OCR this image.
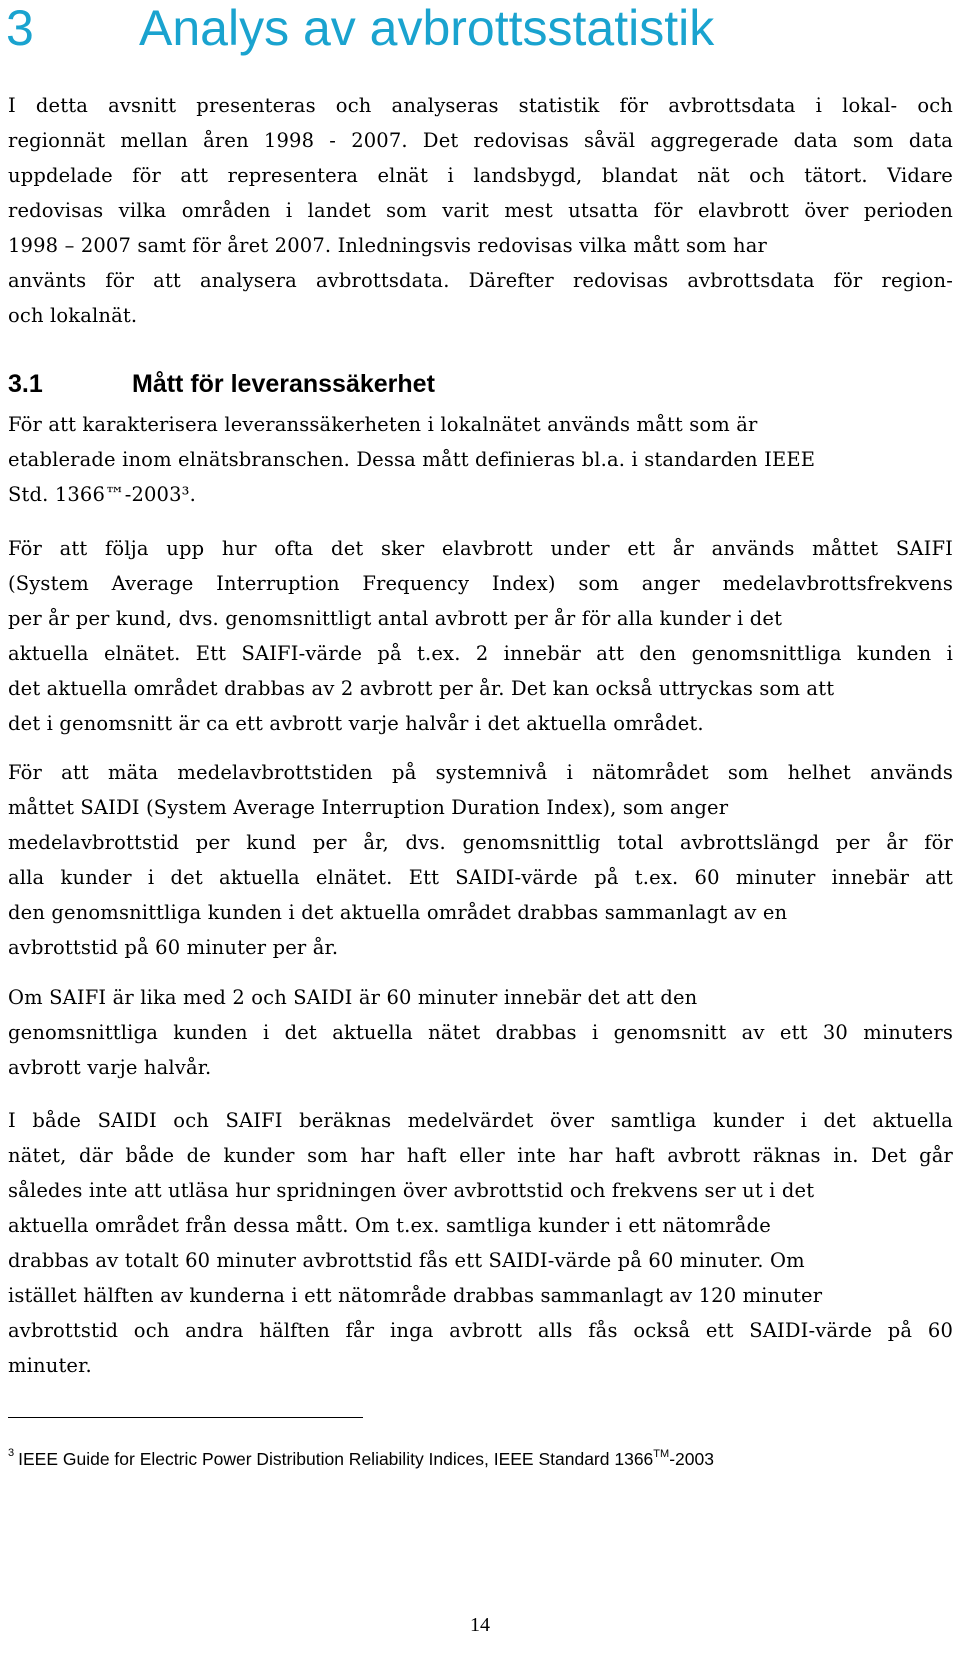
3 Analys av avbrottsstatistik
I detta avsnitt presenteras och analyseras statistik för avbrottsdata i lokal- och
regionnät mellan åren 1998 - 2007. Det redovisas såväl aggregerade data som data
uppdelade för att representera elnät i landsbygd, blandat nät och tätort. Vidare
redovisas vilka områden i landet som varit mest utsatta för elavbrott över perioden
1998 – 2007 samt för året 2007. Inledningsvis redovisas vilka mått som har
använts för att analysera avbrottsdata. Därefter redovisas avbrottsdata för region-
och lokalnät.
3.1	Mått för leveranssäkerhet
För att karakterisera leveranssäkerheten i lokalnätet används mått som är
etablerade inom elnätsbranschen. Dessa mått definieras bl.a. i standarden IEEE
Std. 1366™-2003³.
För att följa upp hur ofta det sker elavbrott under ett år används måttet SAIFI
(System Average Interruption Frequency Index) som anger medelavbrottsfrekvens
per år per kund, dvs. genomsnittligt antal avbrott per år för alla kunder i det
aktuella elnätet. Ett SAIFI-värde på t.ex. 2 innebär att den genomsnittliga kunden i
det aktuella området drabbas av 2 avbrott per år. Det kan också uttryckas som att
det i genomsnitt är ca ett avbrott varje halvår i det aktuella området.
För att mäta medelavbrottstiden på systemnivå i nätområdet som helhet används
måttet SAIDI (System Average Interruption Duration Index), som anger
medelavbrottstid per kund per år, dvs. genomsnittlig total avbrottslängd per år för
alla kunder i det aktuella elnätet. Ett SAIDI-värde på t.ex. 60 minuter innebär att
den genomsnittliga kunden i det aktuella området drabbas sammanlagt av en
avbrottstid på 60 minuter per år.
Om SAIFI är lika med 2 och SAIDI är 60 minuter innebär det att den
genomsnittliga kunden i det aktuella nätet drabbas i genomsnitt av ett 30 minuters
avbrott varje halvår.
I både SAIDI och SAIFI beräknas medelvärdet över samtliga kunder i det aktuella
nätet, där både de kunder som har haft eller inte har haft avbrott räknas in. Det går
således inte att utläsa hur spridningen över avbrottstid och frekvens ser ut i det
aktuella området från dessa mått. Om t.ex. samtliga kunder i ett nätområde
drabbas av totalt 60 minuter avbrottstid fås ett SAIDI-värde på 60 minuter. Om
istället hälften av kunderna i ett nätområde drabbas sammanlagt av 120 minuter
avbrottstid och andra hälften får inga avbrott alls fås också ett SAIDI-värde på 60
minuter.
$^3$ IEEE Guide for Electric Power Distribution Reliability Indices, IEEE Standard 1366™-2003
14
